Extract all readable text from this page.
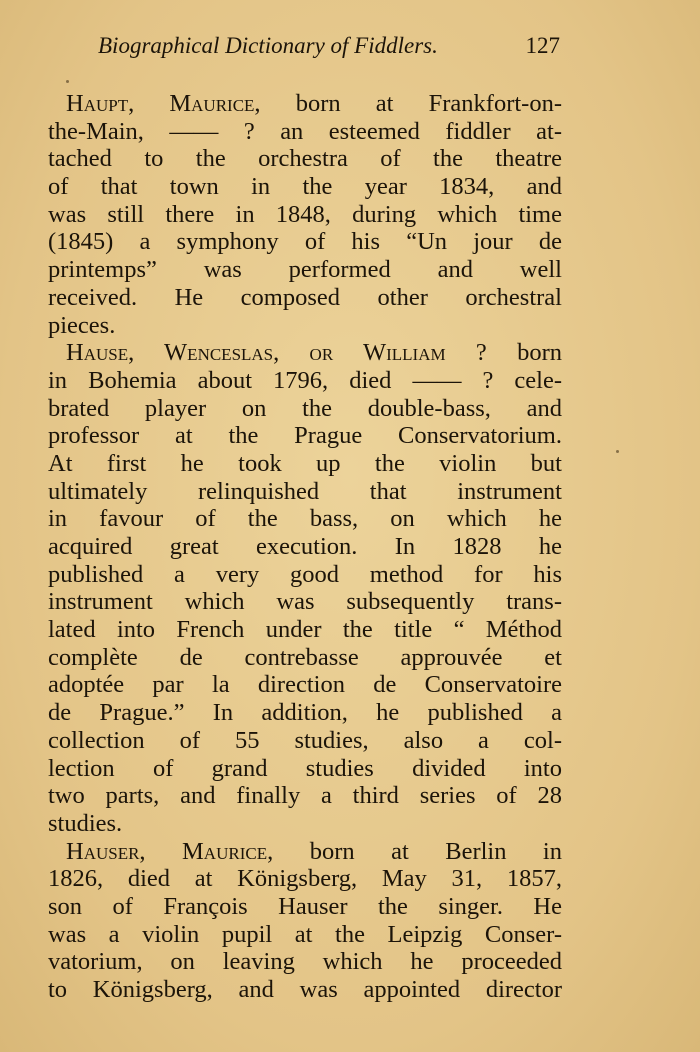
Biographical Dictionary of Fiddlers.	127
Haupt, Maurice, born at Frankfort-on-
the-Main, —— ? an esteemed fiddler at-
tached to the orchestra of the theatre
of that town in the year 1834, and
was still there in 1848, during which time
(1845) a symphony of his “Un jour de
printemps” was performed and well
received. He composed other orchestral
pieces.
Hause, Wenceslas, or William ? born
in Bohemia about 1796, died —— ? cele-
brated player on the double-bass, and
professor at the Prague Conservatorium.
At first he took up the violin but
ultimately relinquished that instrument
in favour of the bass, on which he
acquired great execution. In 1828 he
published a very good method for his
instrument which was subsequently trans-
lated into French under the title “ Méthod
complète de contrebasse approuvée et
adoptée par la direction de Conservatoire
de Prague.” In addition, he published a
collection of 55 studies, also a col-
lection of grand studies divided into
two parts, and finally a third series of 28
studies.
Hauser, Maurice, born at Berlin in
1826, died at Königsberg, May 31, 1857,
son of François Hauser the singer. He
was a violin pupil at the Leipzig Conser-
vatorium, on leaving which he proceeded
to Königsberg, and was appointed director
